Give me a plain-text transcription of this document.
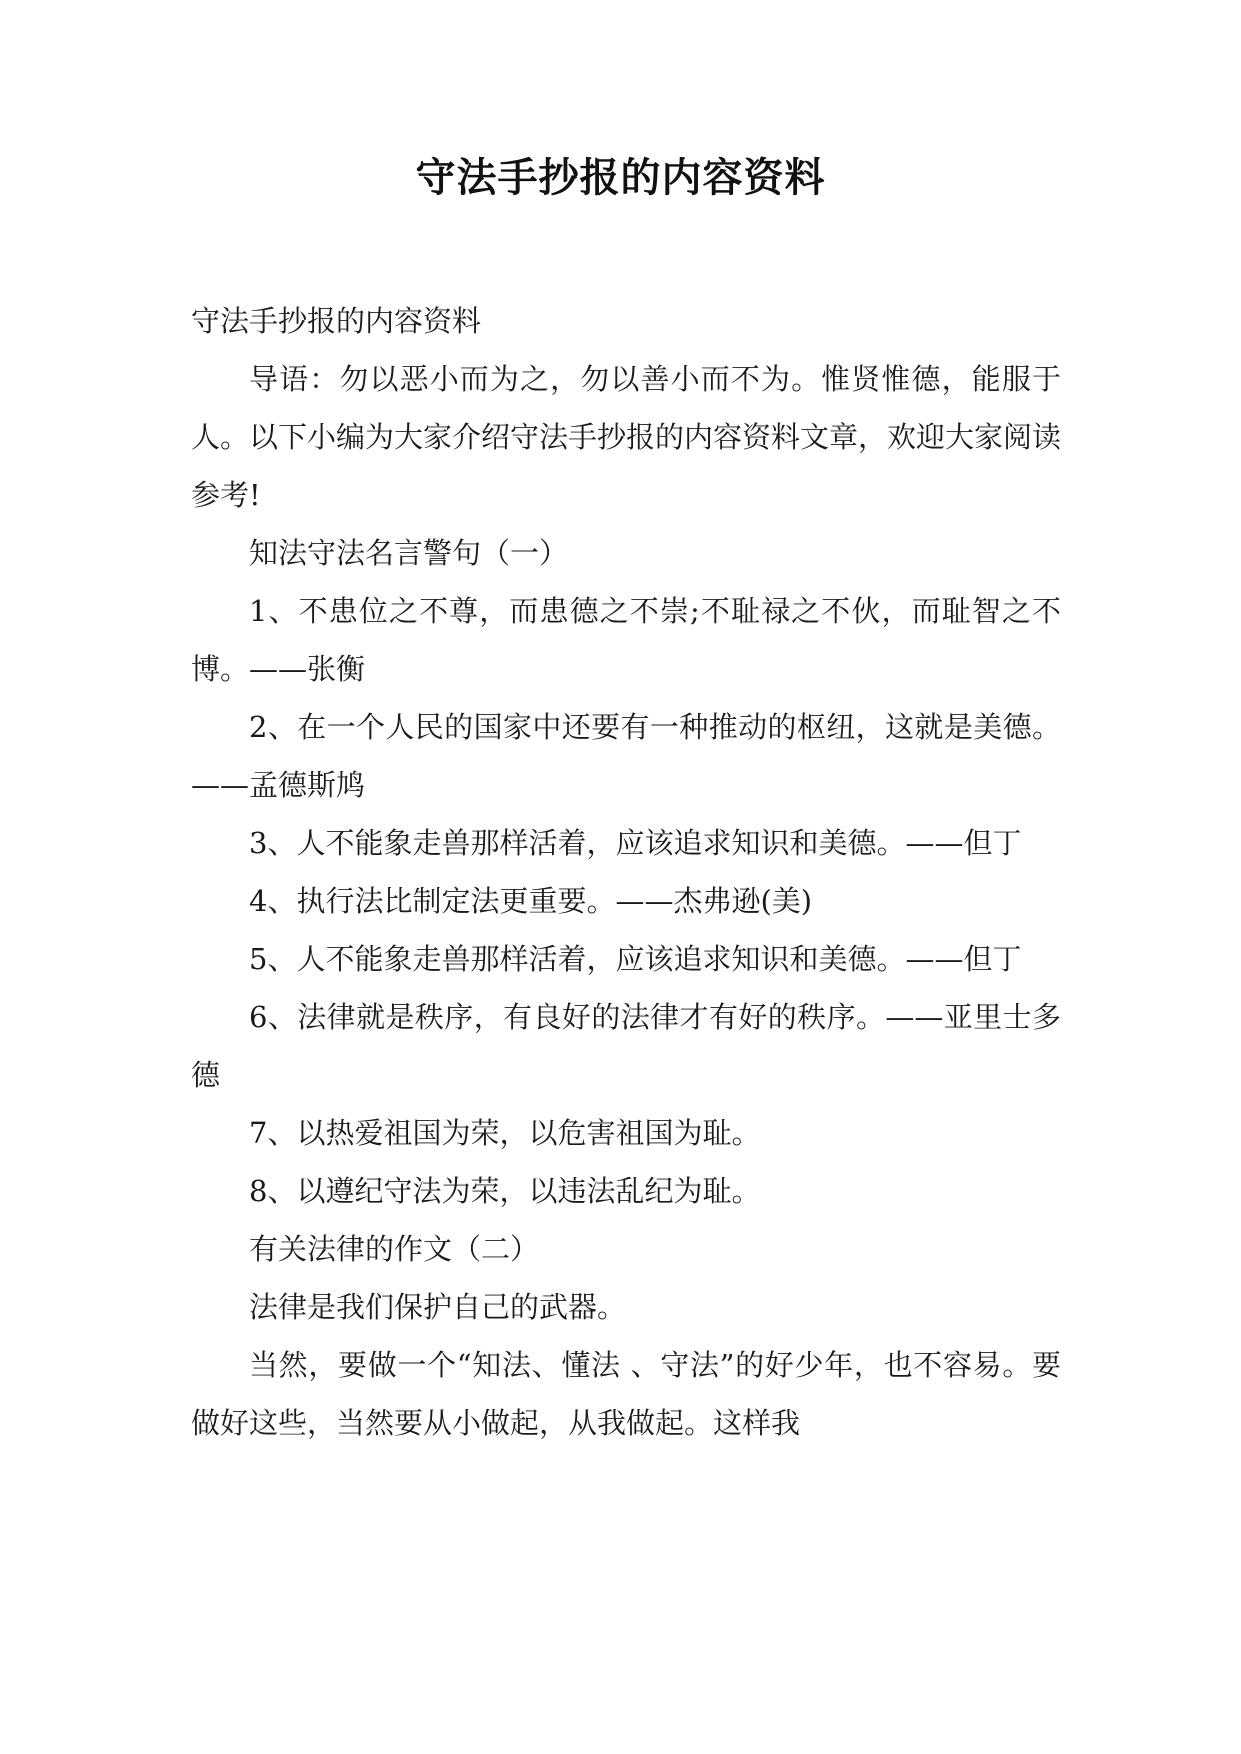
守法手抄报的内容资料

守法手抄报的内容资料

导语：勿以恶小而为之，勿以善小而不为。惟贤惟德，能服于人。以下小编为大家介绍守法手抄报的内容资料文章，欢迎大家阅读参考!

知法守法名言警句（一）

1、不患位之不尊，而患德之不崇;不耻禄之不伙，而耻智之不博。——张衡

2、在一个人民的国家中还要有一种推动的枢纽，这就是美德。——孟德斯鸠

3、人不能象走兽那样活着，应该追求知识和美德。——但丁

4、执行法比制定法更重要。——杰弗逊(美)

5、人不能象走兽那样活着，应该追求知识和美德。——但丁

6、法律就是秩序，有良好的法律才有好的秩序。——亚里士多德

7、以热爱祖国为荣，以危害祖国为耻。

8、以遵纪守法为荣，以违法乱纪为耻。

有关法律的作文（二）

法律是我们保护自己的武器。

当然，要做一个“知法、懂法 、守法”的好少年，也不容易。要做好这些，当然要从小做起，从我做起。这样我
